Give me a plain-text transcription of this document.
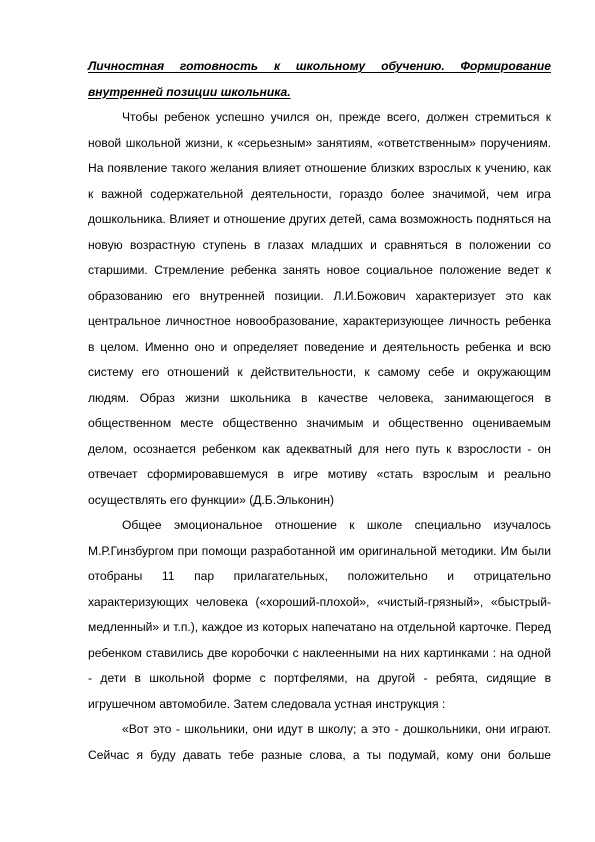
Личностная готовность к школьному обучению. Формирование внутренней позиции школьника.

Чтобы ребенок успешно учился он, прежде всего, должен стремиться к новой школьной жизни, к «серьезным» занятиям, «ответственным» поручениям. На появление такого желания влияет отношение близких взрослых к учению, как к важной содержательной деятельности, гораздо более значимой, чем игра дошкольника. Влияет и отношение других детей, сама возможность подняться на новую возрастную ступень в глазах младших и сравняться в положении со старшими. Стремление ребенка занять новое социальное положение ведет к образованию его внутренней позиции. Л.И.Божович характеризует это как центральное личностное новообразование, характеризующее личность ребенка в целом. Именно оно и определяет поведение и деятельность ребенка и всю систему его отношений к действительности, к самому себе и окружающим людям. Образ жизни школьника в качестве человека, занимающегося в общественном месте общественно значимым и общественно оцениваемым делом, осознается ребенком как адекватный для него путь к взрослости - он отвечает сформировавшемуся в игре мотиву «стать взрослым и реально осуществлять его функции» (Д.Б.Эльконин)

Общее эмоциональное отношение к школе специально изучалось М.Р.Гинзбургом при помощи разработанной им оригинальной методики. Им были отобраны 11 пар прилагательных, положительно и отрицательно характеризующих человека («хороший-плохой», «чистый-грязный», «быстрый-медленный» и т.п.), каждое из которых напечатано на отдельной карточке. Перед ребенком ставились две коробочки с наклеенными на них картинками : на одной - дети в школьной форме с портфелями, на другой - ребята, сидящие в игрушечном автомобиле. Затем следовала устная инструкция :

«Вот это - школьники, они идут в школу; а это - дошкольники, они играют. Сейчас я буду давать тебе разные слова, а ты подумай, кому они больше
